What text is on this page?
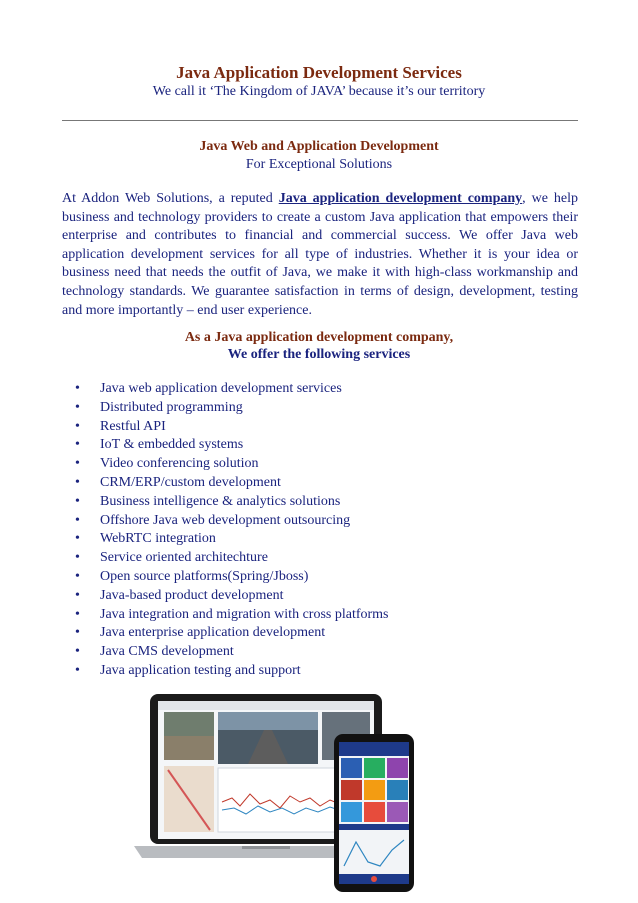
Java Application Development Services
We call it ‘The Kingdom of JAVA’ because it’s our territory
Java Web and Application Development
For Exceptional Solutions

At Addon Web Solutions, a reputed Java application development company, we help business and technology providers to create a custom Java application that empowers their enterprise and contributes to financial and commercial success. We offer Java web application development services for all type of industries. Whether it is your idea or business need that needs the outfit of Java, we make it with high-class workmanship and technology standards. We guarantee satisfaction in terms of design, development, testing and more importantly – end user experience.

As a Java application development company,
We offer the following services
• Java web application development services
• Distributed programming
• Restful API
• IoT & embedded systems
• Video conferencing solution
• CRM/ERP/custom development
• Business intelligence & analytics solutions
• Offshore Java web development outsourcing
• WebRTC integration
• Service oriented architechture
• Open source platforms(Spring/Jboss)
• Java-based product development
• Java integration and migration with cross platforms
• Java enterprise application development
• Java CMS development
• Java application testing and support
